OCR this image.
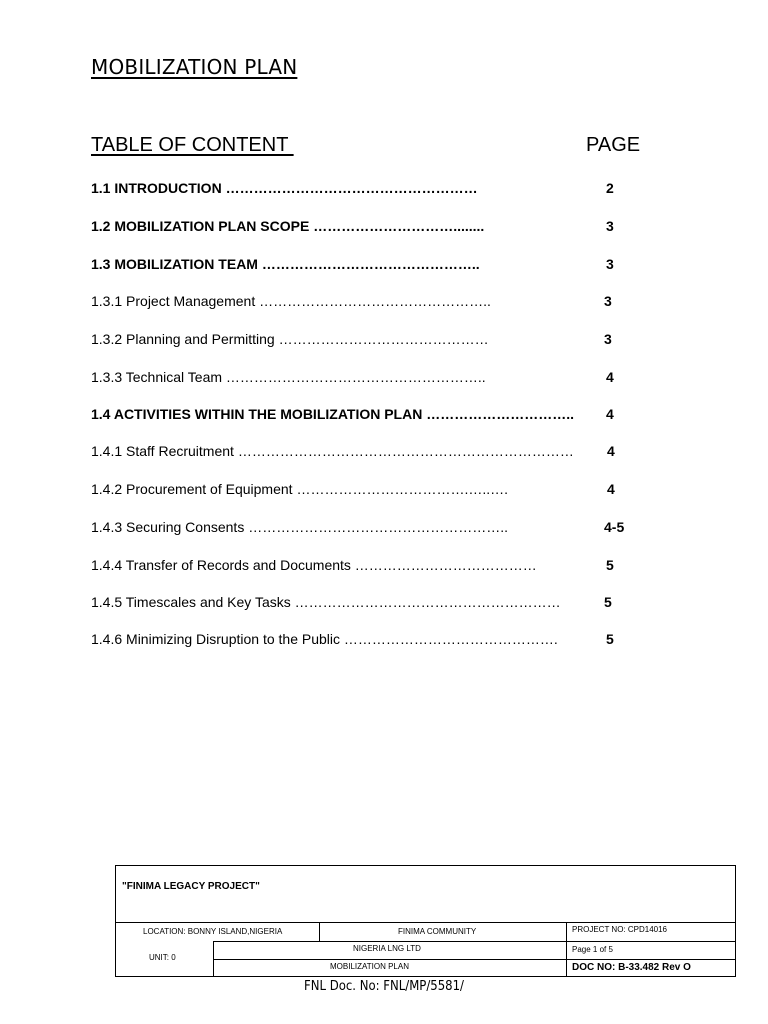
MOBILIZATION PLAN
TABLE OF CONTENT	PAGE
1.1 INTRODUCTION ………………………………………………	2
1.2 MOBILIZATION PLAN SCOPE …………………………........	3
1.3 MOBILIZATION TEAM ………………………………………..	3
1.3.1 Project Management …………………………………………..	3
1.3.2 Planning and Permitting ………………………………………	3
1.3.3 Technical Team ………………………………………………..	4
1.4 ACTIVITIES WITHIN THE MOBILIZATION PLAN ………………………….. 4
1.4.1 Staff Recruitment ……………………………………………………………… 4
1.4.2 Procurement of Equipment ……………………………….…..….	4
1.4.3 Securing Consents ………………………………………………..	4-5
1.4.4 Transfer of Records and Documents …………………………………	5
1.4.5 Timescales and Key Tasks …………………………………………………	5
1.4.6 Minimizing Disruption to the Public ……………………………………….	5
"FINIMA LEGACY PROJECT"
LOCATION: BONNY ISLAND,NIGERIA	FINIMA COMMUNITY	PROJECT NO: CPD14016
NIGERIA LNG LTD	Page 1 of 5
UNIT: 0
MOBILIZATION PLAN	DOC NO: B-33.482 Rev O
FNL Doc. No: FNL/MP/5581/
